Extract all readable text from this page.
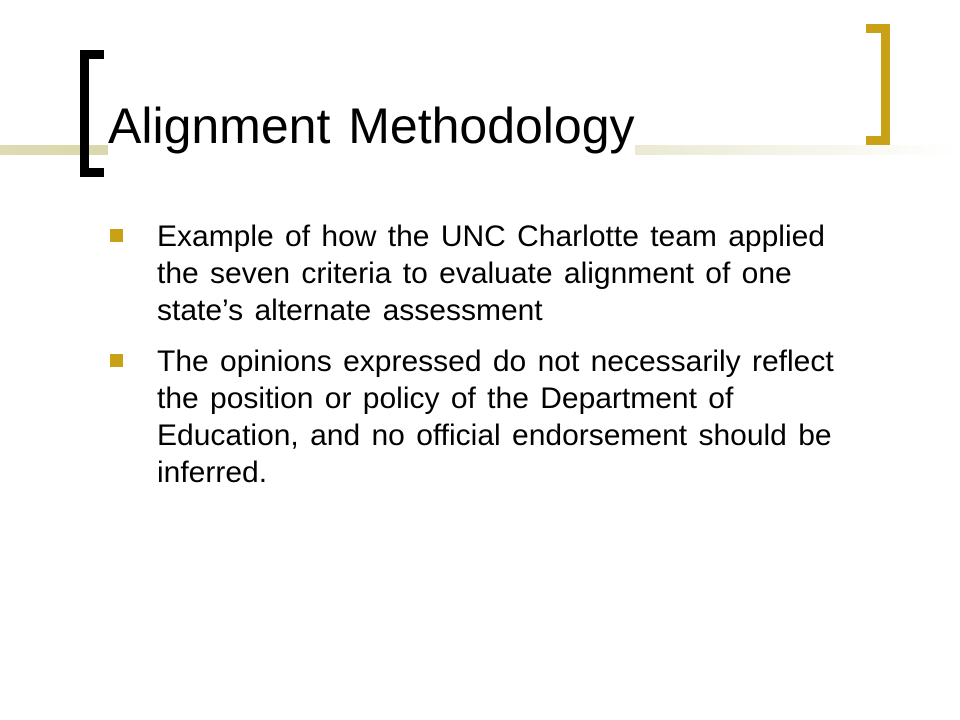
Alignment Methodology
Example of how the UNC Charlotte team applied the seven criteria to evaluate alignment of one state’s alternate assessment
The opinions expressed do not necessarily reflect the position or policy of the Department of Education, and no official endorsement should be inferred.
